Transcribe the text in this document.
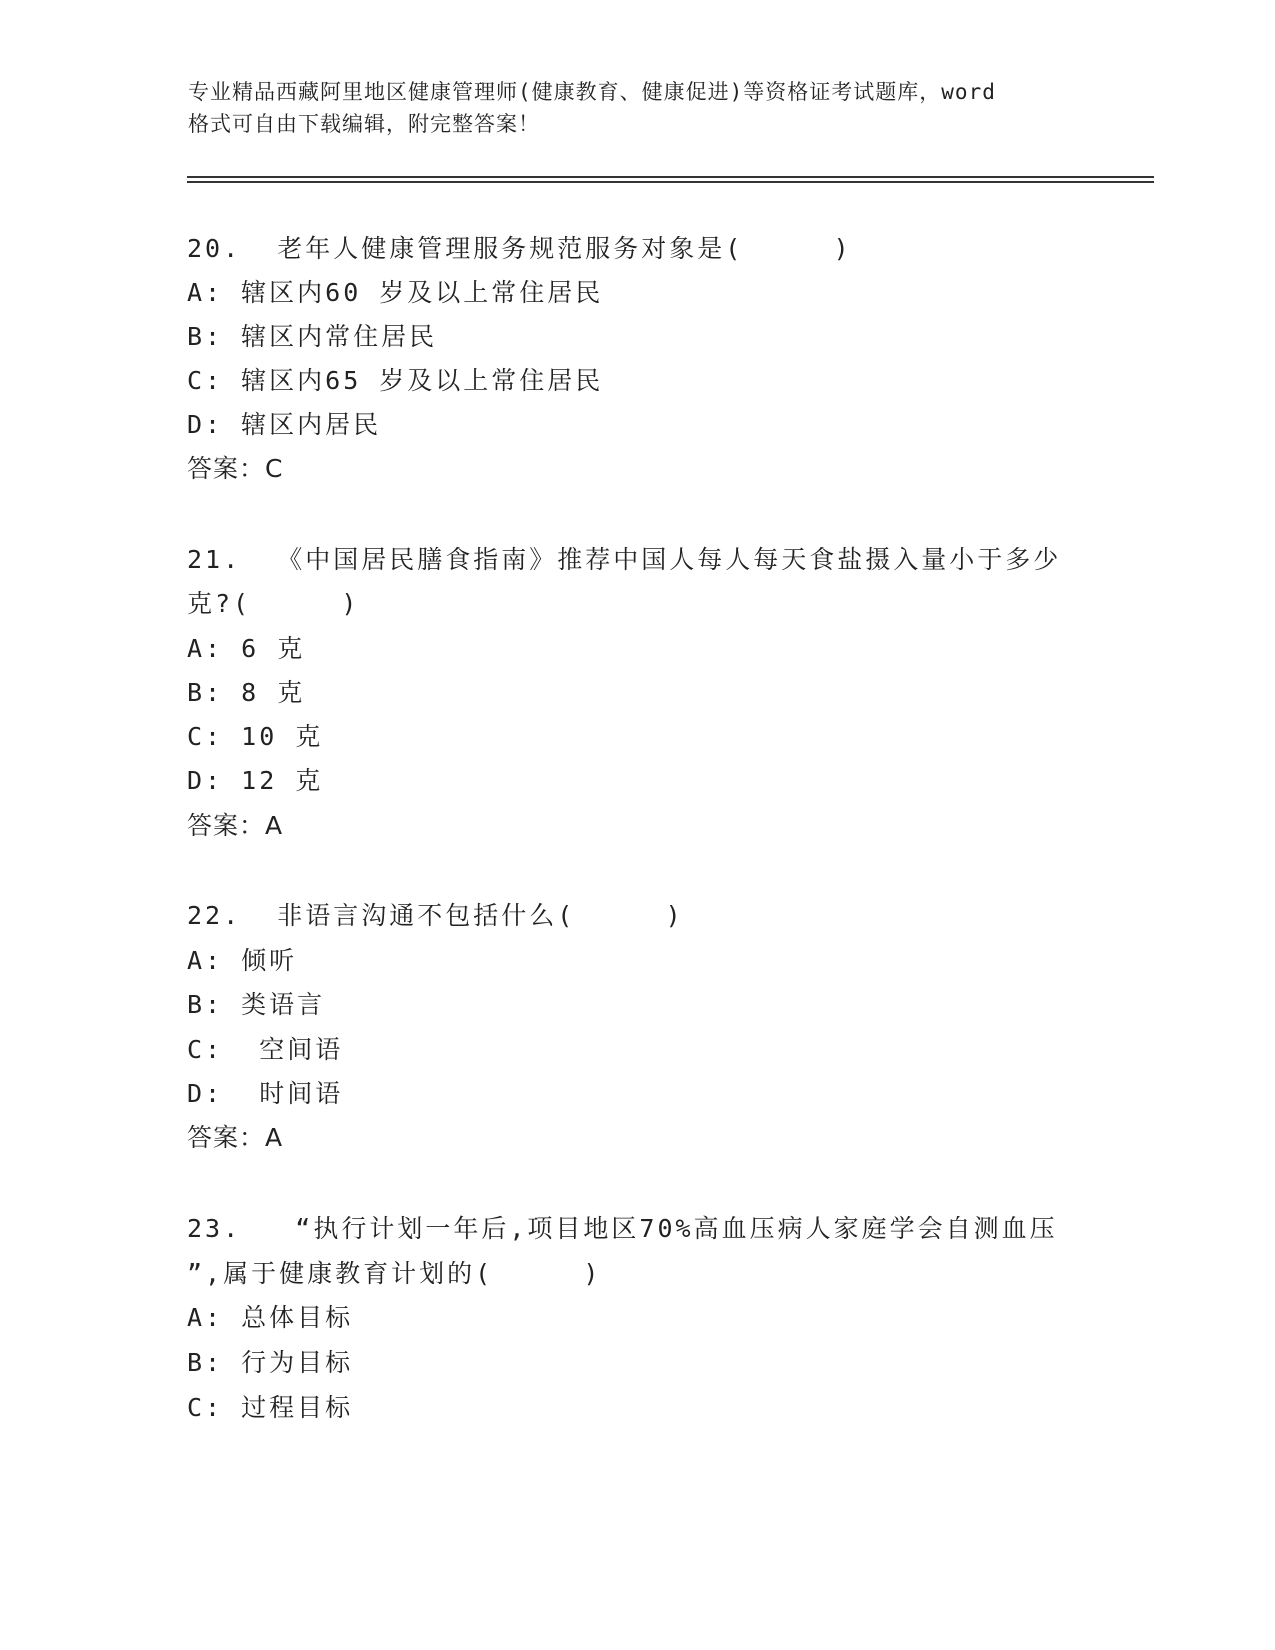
专业精品西藏阿里地区健康管理师(健康教育、健康促进)等资格证考试题库，word
格式可自由下载编辑，附完整答案！
20.  老年人健康管理服务规范服务对象是(     )
A: 辖区内60 岁及以上常住居民
B: 辖区内常住居民
C: 辖区内65 岁及以上常住居民
D: 辖区内居民
答案：C
21.  《中国居民膳食指南》推荐中国人每人每天食盐摄入量小于多少
克?(     )
A: 6 克
B: 8 克
C: 10 克
D: 12 克
答案：A
22.  非语言沟通不包括什么(     )
A: 倾听
B: 类语言
C:  空间语
D:  时间语
答案：A
23.   “执行计划一年后,项目地区70%高血压病人家庭学会自测血压
”,属于健康教育计划的(     )
A: 总体目标
B: 行为目标
C: 过程目标
